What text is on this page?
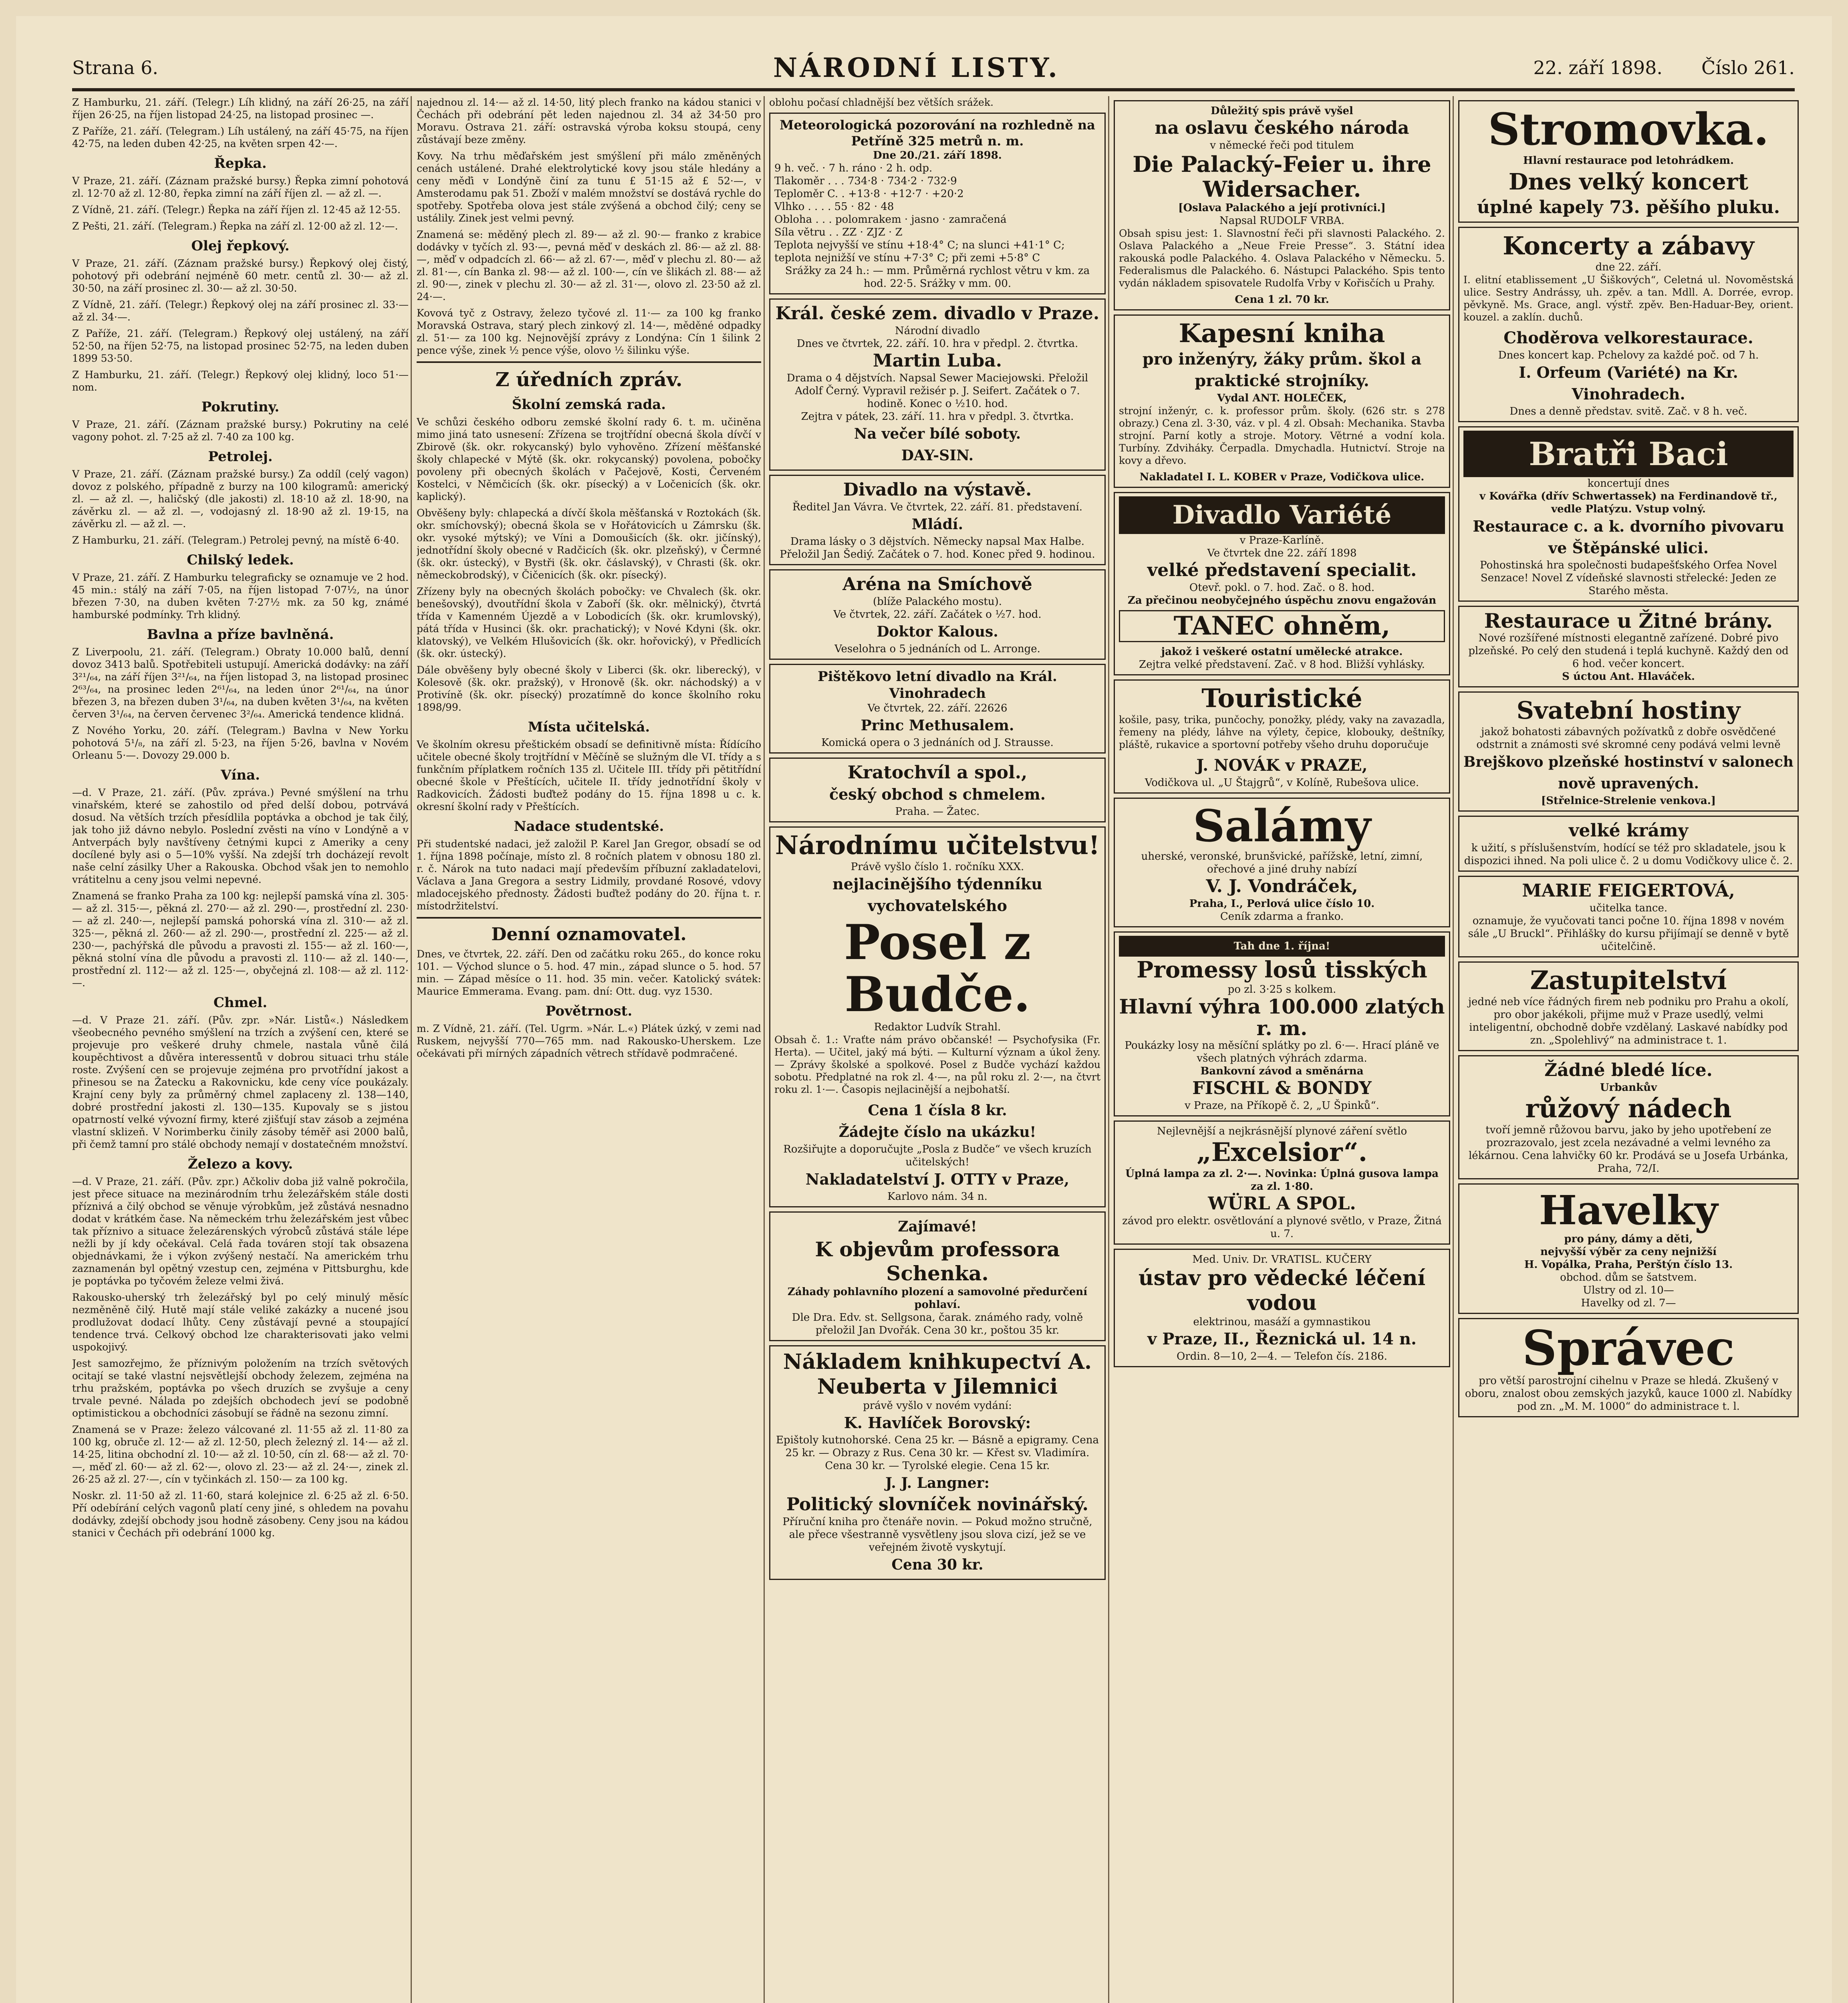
Strana 6.	NÁRODNÍ LISTY.	22. září 1898. Číslo 261.

Z Hamburku, 21. září. (Telegr.) Líh klidný, na září 26·25, na září říjen 26·25, na říjen listopad 24·25, na listopad prosinec —.

Z Paříže, 21. září. (Telegram.) Líh ustálený, na září 45·75, na říjen 42·75, na leden duben 42·25, na květen srpen 42·—.

Řepka.

V Praze, 21. září. (Záznam pražské bursy.) Řepka zimní pohotová zl. 12·70 až zl. 12·80, řepka zimní na září říjen zl. — až zl. —.

Z Vídně, 21. září. (Telegr.) Řepka na září říjen zl. 12·45 až 12·55.

Z Pešti, 21. září. (Telegram.) Řepka na září zl. 12·00 až zl. 12·—.

Olej řepkový.

V Praze, 21. září. (Záznam pražské bursy.) Řepkový olej čistý, pohotový při odebrání nejméně 60 metr. centů zl. 30·— až zl. 30·50, na září prosinec zl. 30·— až zl. 30·50.

Z Vídně, 21. září. (Telegr.) Řepkový olej na září prosinec zl. 33·— až zl. 34·—.

Z Paříže, 21. září. (Telegram.) Řepkový olej ustálený, na září 52·50, na říjen 52·75, na listopad prosinec 52·75, na leden duben 1899 53·50.

Z Hamburku, 21. září. (Telegr.) Řepkový olej klidný, loco 51·— nom.

Pokrutiny.

V Praze, 21. září. (Záznam pražské bursy.) Pokrutiny na celé vagony pohot. zl. 7·25 až zl. 7·40 za 100 kg.

Petrolej.

V Praze, 21. září. (Záznam pražské bursy.) Za oddíl (celý vagon) dovoz z polského, případně z burzy na 100 kilogramů: americký zl. — až zl. —, haličský (dle jakosti) zl. 18·10 až zl. 18·90, na závěrku zl. — až zl. —, vodojasný zl. 18·90 až zl. 19·15, na závěrku zl. — až zl. —.

Z Hamburku, 21. září. (Telegram.) Petrolej pevný, na místě 6·40.

Chilský ledek.

V Praze, 21. září. Z Hamburku telegraficky se oznamuje ve 2 hod. 45 min.: stálý na září 7·05, na říjen listopad 7·07½, na únor březen 7·30, na duben květen 7·27½ mk. za 50 kg, známé hamburské podmínky. Trh klidný.

Bavlna a příze bavlněná.

Z Liverpoolu, 21. září. (Telegram.) Obraty 10.000 balů, denní dovoz 3413 balů. Spotřebiteli ustupují. Americká dodávky: na září 3²¹/₆₄, na září říjen 3²¹/₆₄, na říjen listopad 3, na listopad prosinec 2⁶³/₆₄, na prosinec leden 2⁶¹/₆₄, na leden únor 2⁶¹/₆₄, na únor březen 3, na březen duben 3¹/₆₄, na duben květen 3¹/₆₄, na květen červen 3¹/₆₄, na červen červenec 3²/₆₄. Americká tendence klidná.

Z Nového Yorku, 20. září. (Telegram.) Bavlna v New Yorku pohotová 5¹/₈, na září zl. 5·23, na říjen 5·26, bavlna v Novém Orleanu 5·—. Dovozy 29.000 b.

Vína.

—d. V Praze, 21. září. (Pův. zpráva.) Pevné smýšlení na trhu vinařském, které se zahostilo od před delší dobou, potrvává dosud. Na větších trzích přesídlila poptávka a obchod je tak čilý, jak toho již dávno nebylo. Poslední zvěsti na víno v Londýně a v Antverpách byly navštíveny četnými kupci z Ameriky a ceny docílené byly asi o 5—10% vyšší. Na zdejší trh docházejí revolt naše celní zásilky Uher a Rakouska. Obchod však jen to nemohlo vrátitelnu a ceny jsou velmi nepevné.

Znamená se franko Praha za 100 kg: nejlepší pamská vína zl. 305·— až zl. 315·—, pěkná zl. 270·— až zl. 290·—, prostřední zl. 230·— až zl. 240·—, nejlepší pamská pohorská vína zl. 310·— až zl. 325·—, pěkná zl. 260·— až zl. 290·—, prostřední zl. 225·— až zl. 230·—, pachýřská dle původu a pravosti zl. 155·— až zl. 160·—, pěkná stolní vína dle původu a pravosti zl. 110·— až zl. 140·—, prostřední zl. 112·— až zl. 125·—, obyčejná zl. 108·— až zl. 112·—.

Chmel.

—d. V Praze 21. září. (Pův. zpr. »Nár. Listů«.) Následkem všeobecného pevného smýšlení na trzích a zvýšení cen, které se projevuje pro veškeré druhy chmele, nastala vůně čilá koupěchtivost a důvěra interessentů v dobrou situaci trhu stále roste. Zvýšení cen se projevuje zejména pro prvotřídní jakost a přinesou se na Žatecku a Rakovnicku, kde ceny více poukázaly. Krajní ceny byly za průměrný chmel zaplaceny zl. 138—140, dobré prostřední jakosti zl. 130—135. Kupovaly se s jistou opatrností velké vývozní firmy, které zjišťují stav zásob a zejména vlastní sklizeň. V Norimberku činily zásoby téměř asi 2000 balů, při čemž tamní pro stálé obchody nemají v dostatečném množství.

Železo a kovy.

—d. V Praze, 21. září. (Pův. zpr.) Ačkoliv doba již valně pokročila, jest přece situace na mezinárodním trhu železářském stále dosti příznivá a čilý obchod se věnuje výrobkům, jež zůstává nesnadno dodat v krátkém čase. Na německém trhu železářském jest vůbec tak příznivo a situace železárenských výrobců zůstává stále lépe nežli by jí kdy očekával. Celá řada továren stojí tak obsazena objednávkami, že i výkon zvýšený nestačí. Na americkém trhu zaznamenán byl opětný vzestup cen, zejména v Pittsburghu, kde je poptávka po tyčovém železe velmi živá.

Rakousko-uherský trh železářský byl po celý minulý měsíc nezměněně čilý. Hutě mají stále veliké zakázky a nucené jsou prodlužovat dodací lhůty. Ceny zůstávají pevné a stoupající tendence trvá. Celkový obchod lze charakterisovati jako velmi uspokojivý.

Jest samozřejmo, že příznivým položením na trzích světových ocitají se také vlastní nejsvětlejší obchody železem, zejména na trhu pražském, poptávka po všech druzích se zvyšuje a ceny trvale pevné. Nálada po zdejších obchodech jeví se podobně optimistickou a obchodníci zásobují se řádně na sezonu zimní.

Znamená se v Praze: železo válcované zl. 11·55 až zl. 11·80 za 100 kg, obruče zl. 12·— až zl. 12·50, plech železný zl. 14·— až zl. 14·25, litina obchodní zl. 10·— až zl. 10·50, cín zl. 68·— až zl. 70·—, měď zl. 60·— až zl. 62·—, olovo zl. 23·— až zl. 24·—, zinek zl. 26·25 až zl. 27·—, cín v tyčinkách zl. 150·— za 100 kg.

Noskr. zl. 11·50 až zl. 11·60, stará kolejnice zl. 6·25 až zl. 6·50. Pří odebírání celých vagonů platí ceny jiné, s ohledem na povahu dodávky, zdejší obchody jsou hodně zásobeny. Ceny jsou na kádou stanici v Čechách při odebrání 1000 kg.

najednou zl. 14·— až zl. 14·50, litý plech franko na kádou stanici v Čechách při odebrání pět leden najednou zl. 34 až 34·50 pro Moravu. Ostrava 21. září: ostravská výroba koksu stoupá, ceny zůstávají beze změny.

Kovy. Na trhu měďařském jest smýšlení při málo změněných cenách ustálené. Drahé elektrolytické kovy jsou stále hledány a ceny měďi v Londýně činí za tunu £ 51·15 až £ 52·—, v Amsterodamu pak 51. Zboží v malém množství se dostává rychle do spotřeby. Spotřeba olova jest stále zvýšená a obchod čilý; ceny se ustálily. Zinek jest velmi pevný.

Znamená se: měděný plech zl. 89·— až zl. 90·— franko z krabice dodávky v tyčích zl. 93·—, pevná měď v deskách zl. 86·— až zl. 88·—, měď v odpadcích zl. 66·— až zl. 67·—, měď v plechu zl. 80·— až zl. 81·—, cín Banka zl. 98·— až zl. 100·—, cín ve šlikách zl. 88·— až zl. 90·—, zinek v plechu zl. 30·— až zl. 31·—, olovo zl. 23·50 až zl. 24·—.

Kovová tyč z Ostravy, železo tyčové zl. 11·— za 100 kg franko Moravská Ostrava, starý plech zinkový zl. 14·—, měděné odpadky zl. 51·— za 100 kg. Nejnovější zprávy z Londýna: Cín 1 šilink 2 pence výše, zinek ½ pence výše, olovo ½ šilinku výše.

Z úředních zpráv.
Školní zemská rada.

Ve schůzi českého odboru zemské školní rady 6. t. m. učiněna mimo jiná tato usnesení: Zřízena se trojtřídní obecná škola dívčí v Zbirově (šk. okr. rokycanský) bylo vyhověno. Zřízení měšťanské školy chlapecké v Mýtě (šk. okr. rokycanský) povolena, pobočky povoleny při obecných školách v Pačejově, Kosti, Červeném Kostelci, v Němčicích (šk. okr. písecký) a v Ločenicích (šk. okr. kaplický).

Obvěšeny byly: chlapecká a dívčí škola měšťanská v Roztokách (šk. okr. smíchovský); obecná škola se v Hořátovicích u Zámrsku (šk. okr. vysoké mýtský); ve Víni a Domoušicích (šk. okr. jičínský), jednotřídní školy obecné v Radčicích (šk. okr. plzeňský), v Čermné (šk. okr. ústecký), v Bystři (šk. okr. čáslavský), v Chrasti (šk. okr. německobrodský), v Čičenicích (šk. okr. písecký).

Zřízeny byly na obecných školách pobočky: ve Chvalech (šk. okr. benešovský), dvoutřídní škola v Zaboří (šk. okr. mělnický), čtvrtá třída v Kamenném Újezdě a v Lobodicích (šk. okr. krumlovský), pátá třída v Husinci (šk. okr. prachatický); v Nové Kdyni (šk. okr. klatovský), ve Velkém Hlušovicích (šk. okr. hořovický), v Předlicích (šk. okr. ústecký).

Dále obvěšeny byly obecné školy v Liberci (šk. okr. liberecký), v Kolesově (šk. okr. pražský), v Hronově (šk. okr. náchodský) a v Protivíně (šk. okr. písecký) prozatímně do konce školního roku 1898/99.

Místa učitelská.

Ve školním okresu přeštickém obsadí se definitivně místa: Řídícího učitele obecné školy trojtřídní v Měčíně se služným dle VI. třídy a s funkčním příplatkem ročních 135 zl. Učitele III. třídy při pětitřídní obecné škole v Přeštících, učitele II. třídy jednotřídní školy v Radkovicích. Žádosti buďtež podány do 15. října 1898 u c. k. okresní školní rady v Přeštících.

Nadace studentské.

Při studentské nadaci, jež založil P. Karel Jan Gregor, obsadí se od 1. října 1898 počínaje, místo zl. 8 ročních platem v obnosu 180 zl. r. č. Nárok na tuto nadaci mají především příbuzní zakladatelovi, Václava a Jana Gregora a sestry Lidmily, provdané Rosové, vdovy mladocejského přednosty. Žádosti buďtež podány do 20. října t. r. místodržitelství.

Denní oznamovatel.

Dnes, ve čtvrtek, 22. září. Den od začátku roku 265., do konce roku 101. — Východ slunce o 5. hod. 47 min., západ slunce o 5. hod. 57 min. — Západ měsíce o 11. hod. 35 min. večer. Katolický svátek: Maurice Emmerama. Evang. pam. dní: Ott. dug. vyz 1530.

Povětrnost.

m. Z Vídně, 21. září. (Tel. Ugrm. »Nár. L.«) Plátek úzký, v zemi nad Ruskem, nejvyšší 770—765 mm. nad Rakousko-Uherskem. Lze očekávati při mírných západních větrech střídavě podmračené.

oblohu počasí chladnější bez větších srážek.

Meteorologická pozorování na rozhledně na Petříně 325 metrů n. m.
Dne 20./21. září 1898.
9 h. več. · 7 h. ráno · 2 h. odp.
Tlakoměr . . . 734·8 · 734·2 · 732·9
Teploměr C. . +13·8 · +12·7 · +20·2
Vlhko . . . . 55 · 82 · 48
Obloha . . . polomrakem · jasno · zamračená
Síla větru . . ZZ · ZJZ · Z
Teplota nejvyšší ve stínu +18·4° C; na slunci +41·1° C; teplota nejnižší ve stínu +7·3° C; při zemi +5·8° C
Srážky za 24 h.: — mm. Průměrná rychlost větru v km. za hod. 22·5. Srážky v mm. 00.
Král. české zem. divadlo v Praze.
Národní divadlo
Dnes ve čtvrtek, 22. září. 10. hra v předpl. 2. čtvrtka.
Martin Luba.
Drama o 4 dějstvích. Napsal Sewer Maciejowski. Přeložil Adolf Černý. Vypravil režisér p. J. Seifert. Začátek o 7. hodině. Konec o ½10. hod.
Zejtra v pátek, 23. září. 11. hra v předpl. 3. čtvrtka.
Na večer bílé soboty.
DAY-SIN.
Divadlo na výstavě.
Ředitel Jan Vávra. Ve čtvrtek, 22. září. 81. představení.
Mládí.
Drama lásky o 3 dějstvích. Německy napsal Max Halbe. Přeložil Jan Šediý. Začátek o 7. hod. Konec před 9. hodinou.
Aréna na Smíchově
(blíže Palackého mostu).
Ve čtvrtek, 22. září. Začátek o ½7. hod.
Doktor Kalous.
Veselohra o 5 jednáních od L. Arronge.
Pištěkovo letní divadlo na Král. Vinohradech
Ve čtvrtek, 22. září. 22626
Princ Methusalem.
Komická opera o 3 jednáních od J. Strausse.
Kratochvíl a spol.,
český obchod s chmelem.
Praha. — Žatec.
Národnímu učitelstvu!
Právě vyšlo číslo 1. ročníku XXX.
nejlacinějšího týdenníku vychovatelského
Posel z Budče.
Redaktor Ludvík Strahl.

Obsah č. 1.: Vraťte nám právo občanské! — Psychofysika (Fr. Herta). — Učitel, jaký má býti. — Kulturní význam a úkol ženy. — Zprávy školské a spolkové. Posel z Budče vychází každou sobotu. Předplatné na rok zl. 4·—, na půl roku zl. 2·—, na čtvrt roku zl. 1·—. Časopis nejlacinější a nejbohatší.

Cena 1 čísla 8 kr.
Žádejte číslo na ukázku!
Rozšiřujte a doporučujte „Posla z Budče“ ve všech kruzích učitelských!
Nakladatelství J. OTTY v Praze,
Karlovo nám. 34 n.
Zajímavé!
K objevům professora Schenka.
Záhady pohlavního plození a samovolné předurčení pohlaví.
Dle Dra. Edv. st. Sellgsona, čarak. známého rady, volně přeložil Jan Dvořák. Cena 30 kr., poštou 35 kr.
Nákladem knihkupectví A. Neuberta v Jilemnici
právě vyšlo v novém vydání:
K. Havlíček Borovský:
Epištoly kutnohorské. Cena 25 kr. — Básně a epigramy. Cena 25 kr. — Obrazy z Rus. Cena 30 kr. — Křest sv. Vladimíra. Cena 30 kr. — Tyrolské elegie. Cena 15 kr.
J. J. Langner:
Politický slovníček novinářský.
Příruční kniha pro čtenáře novin. — Pokud možno stručně, ale přece všestranně vysvětleny jsou slova cizí, jež se ve veřejném životě vyskytují.
Cena 30 kr.
Důležitý spis právě vyšel
na oslavu českého národa
v německé řeči pod titulem
Die Palacký-Feier u. ihre Widersacher.
[Oslava Palackého a její protivníci.]
Napsal RUDOLF VRBA.

Obsah spisu jest: 1. Slavnostní řeči při slavnosti Palackého. 2. Oslava Palackého a „Neue Freie Presse“. 3. Státní idea rakouská podle Palackého. 4. Oslava Palackého v Německu. 5. Federalismus dle Palackého. 6. Nástupci Palackého. Spis tento vydán nákladem spisovatele Rudolfa Vrby v Kořisčích u Prahy.

Cena 1 zl. 70 kr.
Kapesní kniha
pro inženýry, žáky prům. škol a praktické strojníky.
Vydal ANT. HOLEČEK,

strojní inženýr, c. k. professor prům. školy. (626 str. s 278 obrazy.) Cena zl. 3·30, váz. v pl. 4 zl. Obsah: Mechanika. Stavba strojní. Parní kotly a stroje. Motory. Větrné a vodní kola. Turbíny. Zdviháky. Čerpadla. Dmychadla. Hutnictví. Stroje na kovy a dřevo.

Nakladatel I. L. KOBER v Praze, Vodičkova ulice.
Divadlo Variété
v Praze-Karlíně.
Ve čtvrtek dne 22. září 1898
velké představení specialit.
Otevř. pokl. o 7. hod. Zač. o 8. hod.
Za přečinou neobyčejného úspěchu znovu engažován
TANEC ohněm,
jakož i veškeré ostatní umělecké atrakce.
Zejtra velké představení. Zač. v 8 hod. Bližší vyhlásky.
Touristické

košile, pasy, trika, punčochy, ponožky, plédy, vaky na zavazadla, řemeny na plédy, láhve na výlety, čepice, klobouky, deštníky, pláště, rukavice a sportovní potřeby všeho druhu doporučuje

J. NOVÁK v PRAZE,
Vodičkova ul. „U Štajgrů“, v Kolíně, Rubešova ulice.
Salámy
uherské, veronské, brunšvické, pařížské, letní, zimní, ořechové a jiné druhy nabízí
V. J. Vondráček,
Praha, I., Perlová ulice číslo 10.
Ceník zdarma a franko.
Tah dne 1. října!
Promessy losů tisských
po zl. 3·25 s kolkem.
Hlavní výhra 100.000 zlatých r. m.
Poukázky losy na měsíční splátky po zl. 6·—. Hrací pláně ve všech platných výhrách zdarma.
Bankovní závod a směnárna
FISCHL & BONDY
v Praze, na Příkopě č. 2, „U Špinků“.
Nejlevnější a nejkrásnější plynové záření světlo
„Excelsior“.
Úplná lampa za zl. 2·—. Novinka: Úplná gusova lampa za zl. 1·80.
WÜRL A SPOL.
závod pro elektr. osvětlování a plynové světlo, v Praze, Žitná u. 7.
Med. Univ. Dr. VRATISL. KUČERY
ústav pro vědecké léčení vodou
elektrinou, masáží a gymnastikou
v Praze, II., Řeznická ul. 14 n.
Ordin. 8—10, 2—4. — Telefon čís. 2186.
Stromovka.
Hlavní restaurace pod letohrádkem.
Dnes velký koncert
úplné kapely 73. pěšího pluku.
Koncerty a zábavy
dne 22. září.

I. elitní etablissement „U Šiškových“, Celetná ul. Novoměstská ulice. Sestry Andrássy, uh. zpěv. a tan. Mdll. A. Dorrée, evrop. pěvkyně. Ms. Grace, angl. výstř. zpěv. Ben-Haduar-Bey, orient. kouzel. a zaklín. duchů.

Choděrova velkorestaurace.
Dnes koncert kap. Pchelovy za každé poč. od 7 h.
I. Orfeum (Variété) na Kr. Vinohradech.
Dnes a denně představ. svitě. Zač. v 8 h. več.
Bratři Baci
koncertují dnes
v Kovářka (dřív Schwertassek) na Ferdinandově tř., vedle Platýzu. Vstup volný.
Restaurace c. a k. dvorního pivovaru ve Štěpánské ulici.
Pohostinská hra společnosti budapešťského Orfea Novel Senzace! Novel Z vídeňské slavnosti střelecké: Jeden ze Starého města.
Restaurace u Žitné brány.
Nové rozšířené místnosti elegantně zařízené. Dobré pivo plzeňské. Po celý den studená i teplá kuchyně. Každý den od 6 hod. večer koncert.
S úctou Ant. Hlaváček.
Svatební hostiny
jakož bohatosti zábavných požívatků z dobře osvědčené odstrnit a známosti své skromné ceny podává velmi levně
Brejškovo plzeňské hostinství v salonech nově upravených.
[Střelnice-Strelenie venkova.]
velké krámy
k užití, s příslušenstvím, hodící se též pro skladatele, jsou k dispozici ihned. Na poli ulice č. 2 u domu Vodičkovy ulice č. 2.
MARIE FEIGERTOVÁ,
učitelka tance.
oznamuje, že vyučovati tanci počne 10. října 1898 v novém sále „U Bruckl“. Přihlášky do kursu přijímají se denně v bytě učitelčině.
Zastupitelství
jedné neb více řádných firem neb podniku pro Prahu a okolí, pro obor jakékoli, přijme muž v Praze usedlý, velmi inteligentní, obchodně dobře vzdělaný. Laskavé nabídky pod zn. „Spolehlivý“ na administrace t. 1.
Žádné bledé líce.
Urbankův
růžový nádech
tvoří jemně růžovou barvu, jako by jeho upotřebení ze prozrazovalo, jest zcela nezávadné a velmi levného za lékárnou. Cena lahvičky 60 kr. Prodává se u Josefa Urbánka, Praha, 72/I.
Havelky
pro pány, dámy a děti,
nejvyšší výběr za ceny nejnižší
H. Vopálka, Praha, Perštýn číslo 13.
obchod. dům se šatstvem.
Ulstry od zl. 10—
Havelky od zl. 7—
Správec
pro větší parostrojní cihelnu v Praze se hledá. Zkušený v oboru, znalost obou zemských jazyků, kauce 1000 zl. Nabídky pod zn. „M. M. 1000“ do administrace t. l.
